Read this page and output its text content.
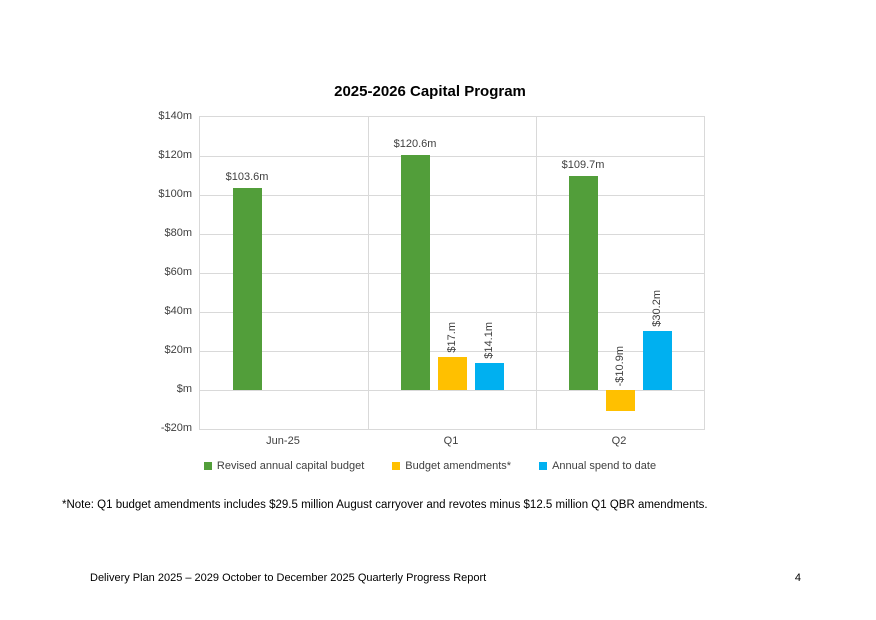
2025-2026 Capital Program
$140m
$120m
$100m
$80m
$60m
$40m
$20m
$m
-$20m
$103.6m
$120.6m
$109.7m
$17.m
-$10.9m
$14.1m
$30.2m
Jun-25	Q1	Q2
Revised annual capital budget	Budget amendments*	Annual spend to date
*Note: Q1 budget amendments includes $29.5 million August carryover and revotes minus $12.5 million Q1 QBR amendments.
Delivery Plan 2025 – 2029 October to December 2025 Quarterly Progress Report	4
